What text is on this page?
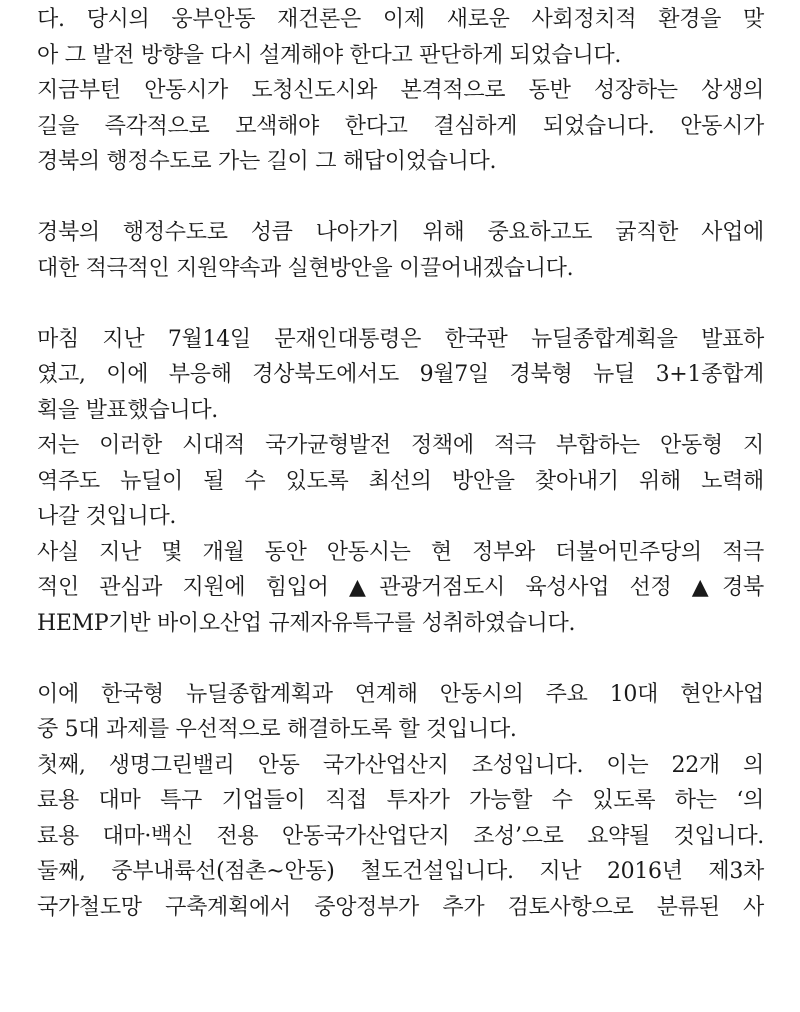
다. 당시의 웅부안동 재건론은 이제 새로운 사회정치적 환경을 맞
아 그 발전 방향을 다시 설계해야 한다고 판단하게 되었습니다.
지금부턴 안동시가 도청신도시와 본격적으로 동반 성장하는 상생의
길을 즉각적으로 모색해야 한다고 결심하게 되었습니다. 안동시가
경북의 행정수도로 가는 길이 그 해답이었습니다.
경북의 행정수도로 성큼 나아가기 위해 중요하고도 굵직한 사업에
대한 적극적인 지원약속과 실현방안을 이끌어내겠습니다.
마침 지난 7월14일 문재인대통령은 한국판 뉴딜종합계획을 발표하
였고, 이에 부응해 경상북도에서도 9월7일 경북형 뉴딜 3+1종합계
획을 발표했습니다.
저는 이러한 시대적 국가균형발전 정책에 적극 부합하는 안동형 지
역주도 뉴딜이 될 수 있도록 최선의 방안을 찾아내기 위해 노력해
나갈 것입니다.
사실 지난 몇 개월 동안 안동시는 현 정부와 더불어민주당의 적극
적인 관심과 지원에 힘입어 ▲관광거점도시 육성사업 선정 ▲경북
HEMP기반 바이오산업 규제자유특구를 성취하였습니다.
이에 한국형 뉴딜종합계획과 연계해 안동시의 주요 10대 현안사업
중 5대 과제를 우선적으로 해결하도록 할 것입니다.
첫째, 생명그린밸리 안동 국가산업산지 조성입니다. 이는 22개 의
료용 대마 특구 기업들이 직접 투자가 가능할 수 있도록 하는 ‘의
료용 대마·백신 전용 안동국가산업단지 조성’으로 요약될 것입니다.
둘째, 중부내륙선(점촌~안동) 철도건설입니다. 지난 2016년 제3차
국가철도망 구축계획에서 중앙정부가 추가 검토사항으로 분류된 사
